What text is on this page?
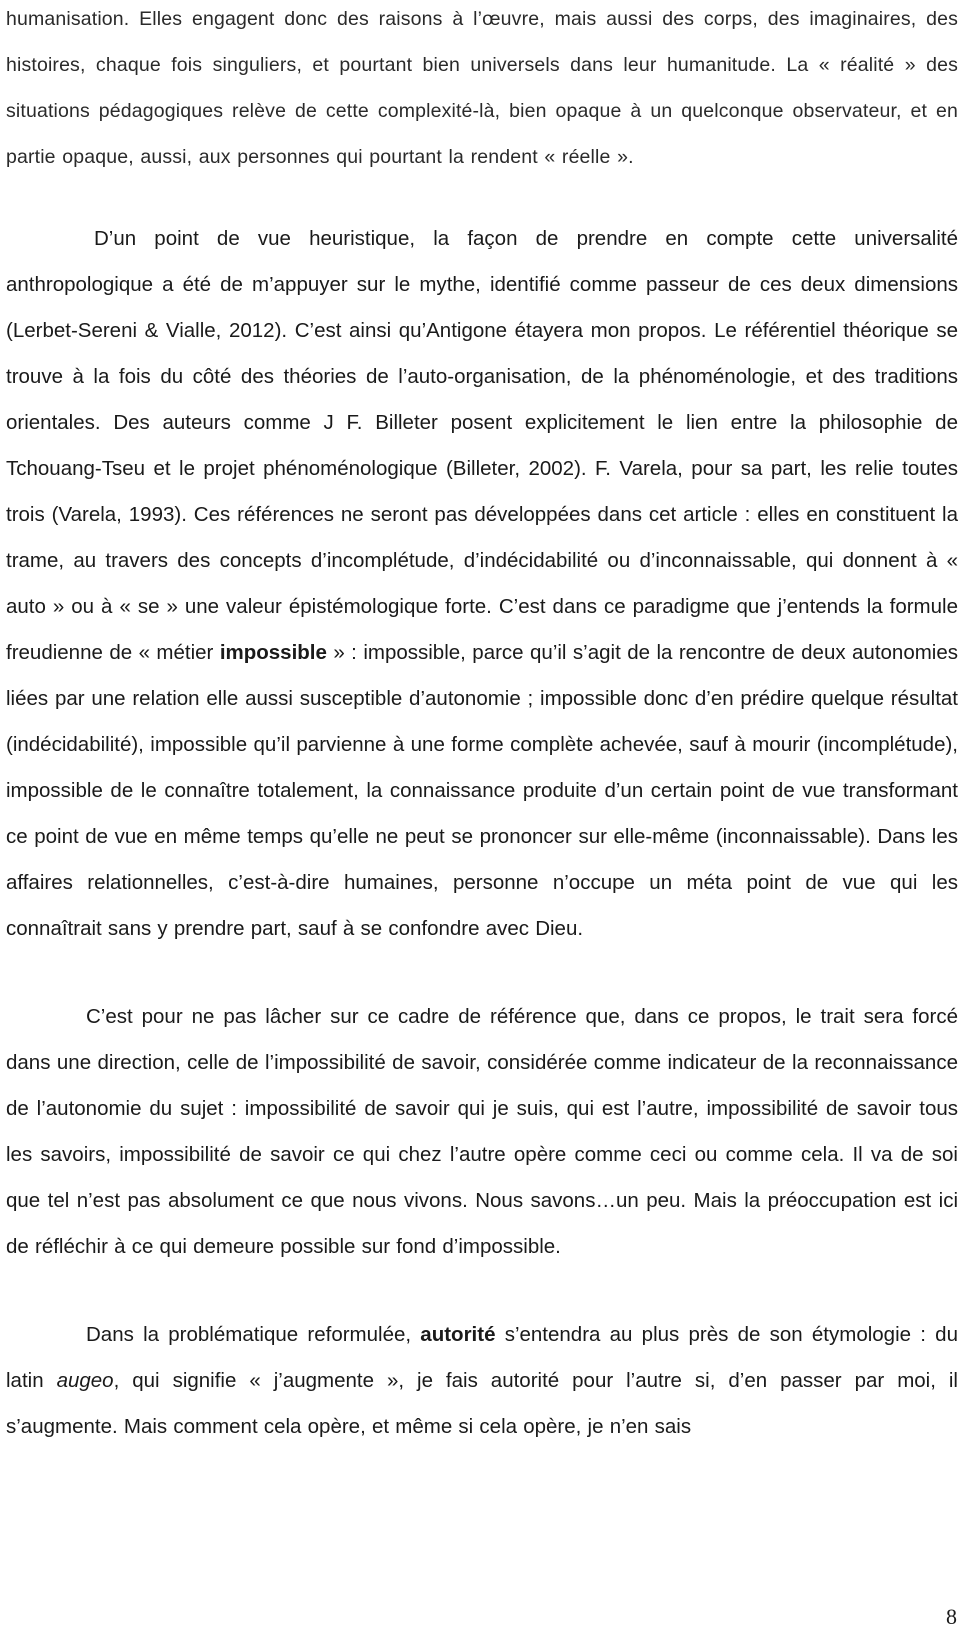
humanisation. Elles engagent donc des raisons à l’œuvre, mais aussi des corps, des imaginaires, des histoires, chaque fois singuliers, et pourtant bien universels dans leur humanitude. La « réalité » des situations pédagogiques relève de cette complexité-là, bien opaque à un quelconque observateur, et en partie opaque, aussi, aux personnes qui pourtant la rendent « réelle ».

D’un point de vue heuristique, la façon de prendre en compte cette universalité anthropologique a été de m’appuyer sur le mythe, identifié comme passeur de ces deux dimensions (Lerbet-Sereni & Vialle, 2012). C’est ainsi qu’Antigone étayera mon propos. Le référentiel théorique se trouve à la fois du côté des théories de l’auto-organisation, de la phénoménologie, et des traditions orientales. Des auteurs comme J F. Billeter posent explicitement le lien entre la philosophie de Tchouang-Tseu et le projet phénoménologique (Billeter, 2002). F. Varela, pour sa part, les relie toutes trois (Varela, 1993). Ces références ne seront pas développées dans cet article : elles en constituent la trame, au travers des concepts d’incomplétude, d’indécidabilité ou d’inconnaissable, qui donnent à « auto » ou à « se » une valeur épistémologique forte. C’est dans ce paradigme que j’entends la formule freudienne de « métier impossible » : impossible, parce qu’il s’agit de la rencontre de deux autonomies liées par une relation elle aussi susceptible d’autonomie ; impossible donc d’en prédire quelque résultat (indécidabilité), impossible qu’il parvienne à une forme complète achevée, sauf à mourir (incomplétude), impossible de le connaître totalement, la connaissance produite d’un certain point de vue transformant ce point de vue en même temps qu’elle ne peut se prononcer sur elle-même (inconnaissable). Dans les affaires relationnelles, c’est-à-dire humaines, personne n’occupe un méta point de vue qui les connaîtrait sans y prendre part, sauf à se confondre avec Dieu.

C’est pour ne pas lâcher sur ce cadre de référence que, dans ce propos, le trait sera forcé dans une direction, celle de l’impossibilité de savoir, considérée comme indicateur de la reconnaissance de l’autonomie du sujet : impossibilité de savoir qui je suis, qui est l’autre, impossibilité de savoir tous les savoirs, impossibilité de savoir ce qui chez l’autre opère comme ceci ou comme cela. Il va de soi que tel n’est pas absolument ce que nous vivons. Nous savons…un peu. Mais la préoccupation est ici de réfléchir à ce qui demeure possible sur fond d’impossible.

Dans la problématique reformulée, autorité s’entendra au plus près de son étymologie : du latin augeo, qui signifie « j’augmente », je fais autorité pour l’autre si, d’en passer par moi, il s’augmente. Mais comment cela opère, et même si cela opère, je n’en sais

8
